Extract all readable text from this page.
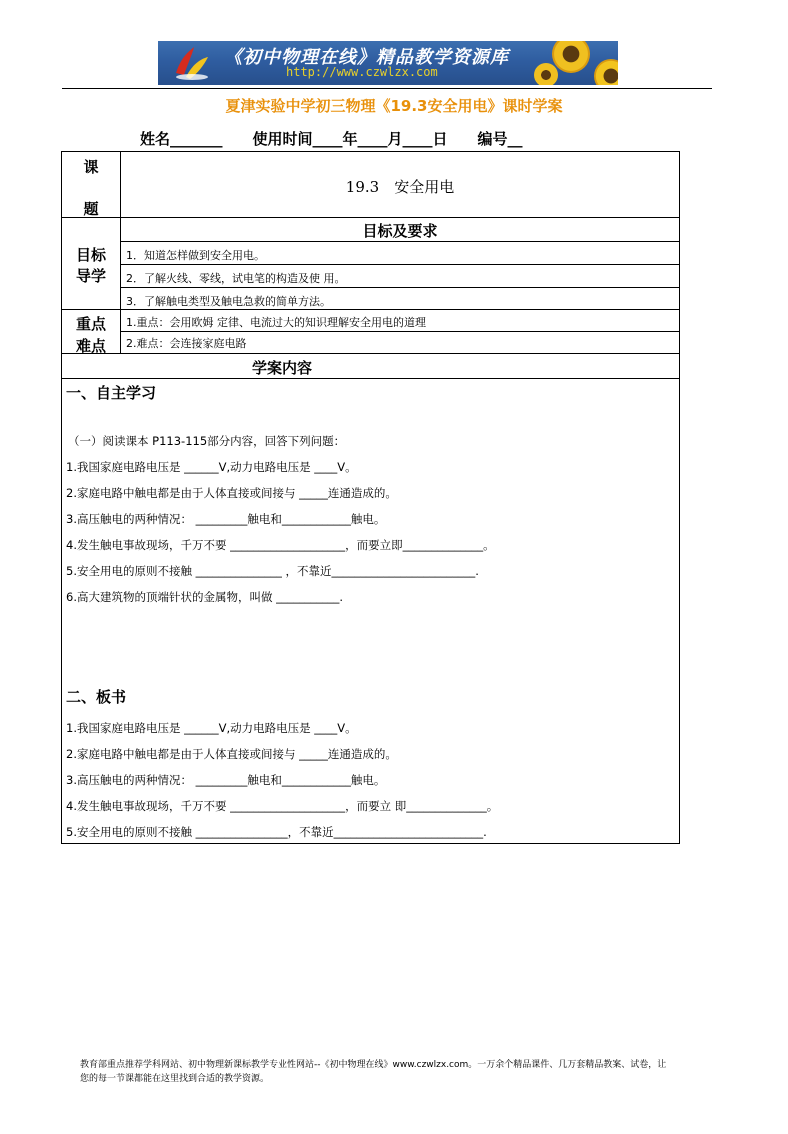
《初中物理在线》精品教学资源库
http://www.czwlzx.com
夏津实验中学初三物理《19.3安全用电》课时学案
姓名_______ 使用时间____年____月____日 编号__
课
题
19.3　安全用电
目标及要求
目标
导学
1．知道怎样做到安全用电。
2．了解火线、零线，试电笔的构造及使 用。
3．了解触电类型及触电急救的简单方法。
重点
难点
1.重点：会用欧姆 定律、电流过大的知识理解安全用电的道理
2.难点：会连接家庭电路
学案内容
一、自主学习
（一）阅读课本 P113-115部分内容，回答下列问题：
1.我国家庭电路电压是 ______V,动力电路电压是 ____V。
2.家庭电路中触电都是由于人体直接或间接与 _____连通造成的。
3.高压触电的两种情况： _________触电和____________触电。
4.发生触电事故现场，千万不要 ____________________，而要立即______________。
5.安全用电的原则不接触 _______________ ，不靠近_________________________.
6.高大建筑物的顶端针状的金属物，叫做 ___________.
二、板书
1.我国家庭电路电压是 ______V,动力电路电压是 ____V。
2.家庭电路中触电都是由于人体直接或间接与 _____连通造成的。
3.高压触电的两种情况： _________触电和____________触电。
4.发生触电事故现场，千万不要 ____________________，而要立 即______________。
5.安全用电的原则不接触 ________________，不靠近__________________________.
教育部重点推荐学科网站、初中物理新课标教学专业性网站--《初中物理在线》www.czwlzx.com。一万余个精品课件、几万套精品教案、试卷，让
您的每一节课都能在这里找到合适的教学资源。
